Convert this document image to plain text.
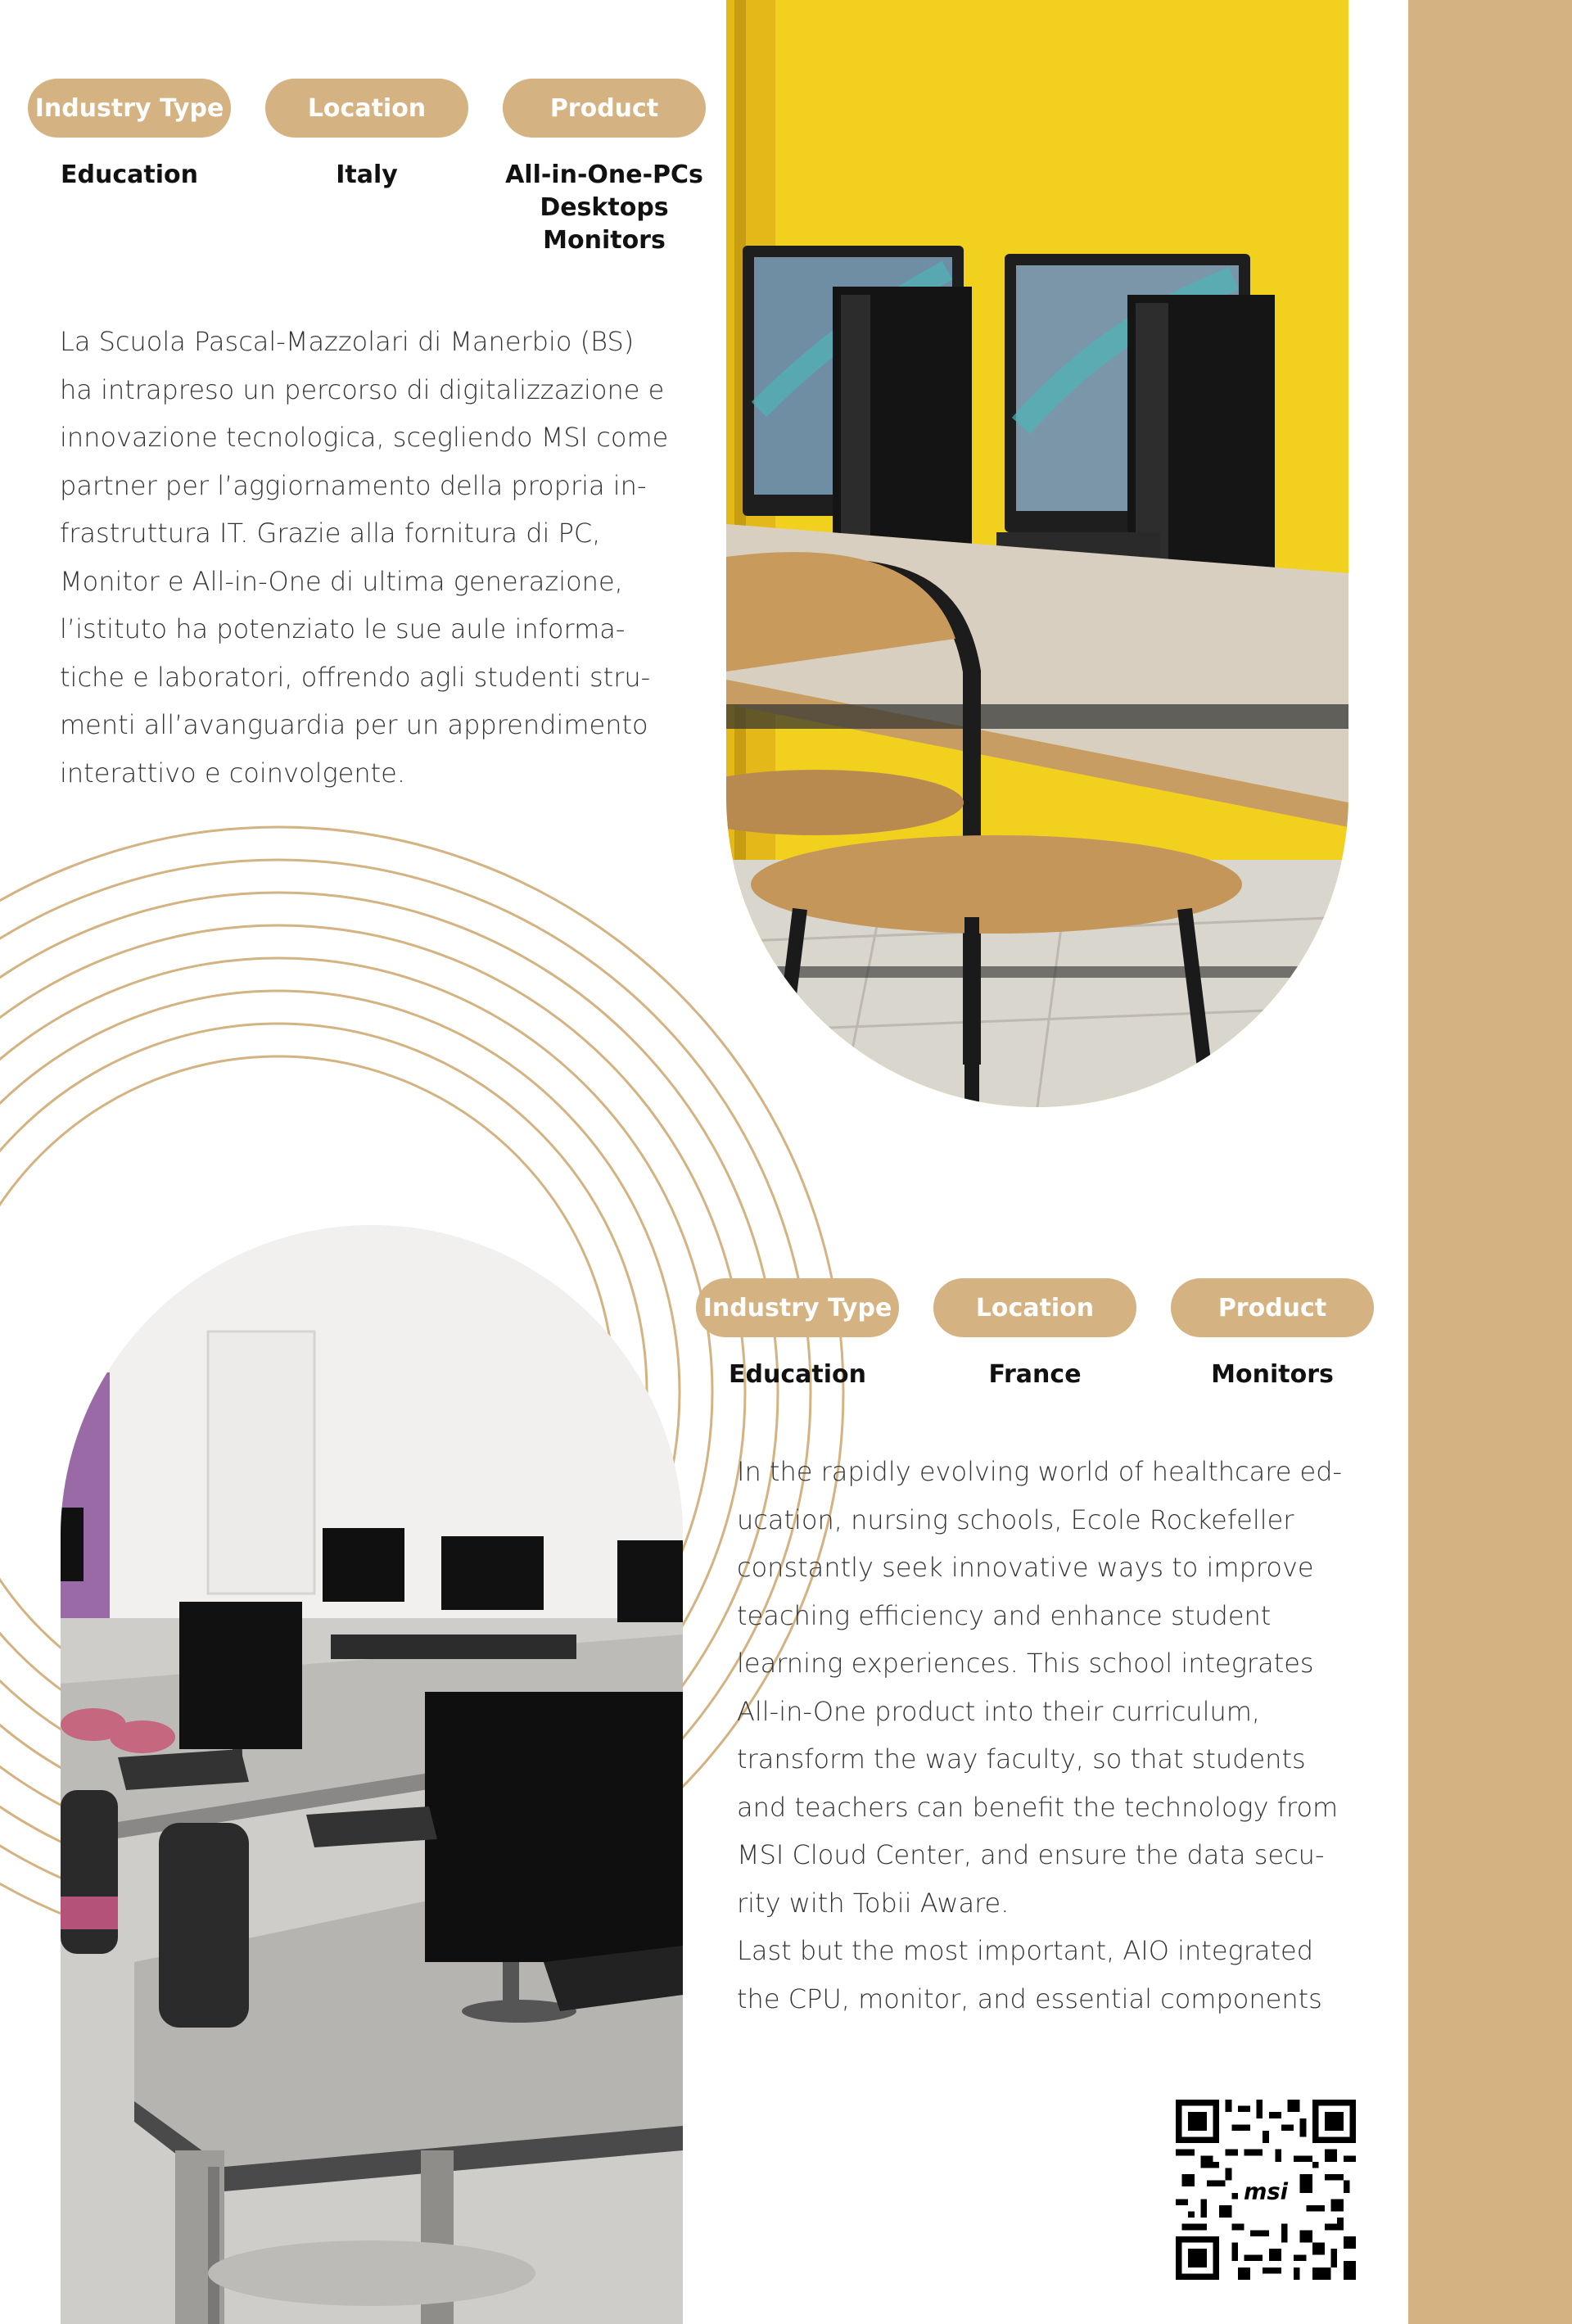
Industry Type
Education
Location
Italy
Product
All-in-One-PCs
Desktops
Monitors

La Scuola Pascal-Mazzolari di Manerbio (BS)

ha intrapreso un percorso di digitalizzazione e

innovazione tecnologica, scegliendo MSI come

partner per l’aggiornamento della propria in-

frastruttura IT. Grazie alla fornitura di PC,

Monitor e All-in-One di ultima generazione,

l’istituto ha potenziato le sue aule informa-

tiche e laboratori, offrendo agli studenti stru-

menti all’avanguardia per un apprendimento

interattivo e coinvolgente.

Industry Type
Education
Location
France
Product
Monitors

In the rapidly evolving world of healthcare ed-

ucation, nursing schools, Ecole Rockefeller

constantly seek innovative ways to improve

teaching efficiency and enhance student

learning experiences. This school integrates

All-in-One product into their curriculum,

transform the way faculty, so that students

and teachers can benefit the technology from

MSI Cloud Center, and ensure the data secu-

rity with Tobii Aware.

Last but the most important, AIO integrated

the CPU, monitor, and essential components

msi
